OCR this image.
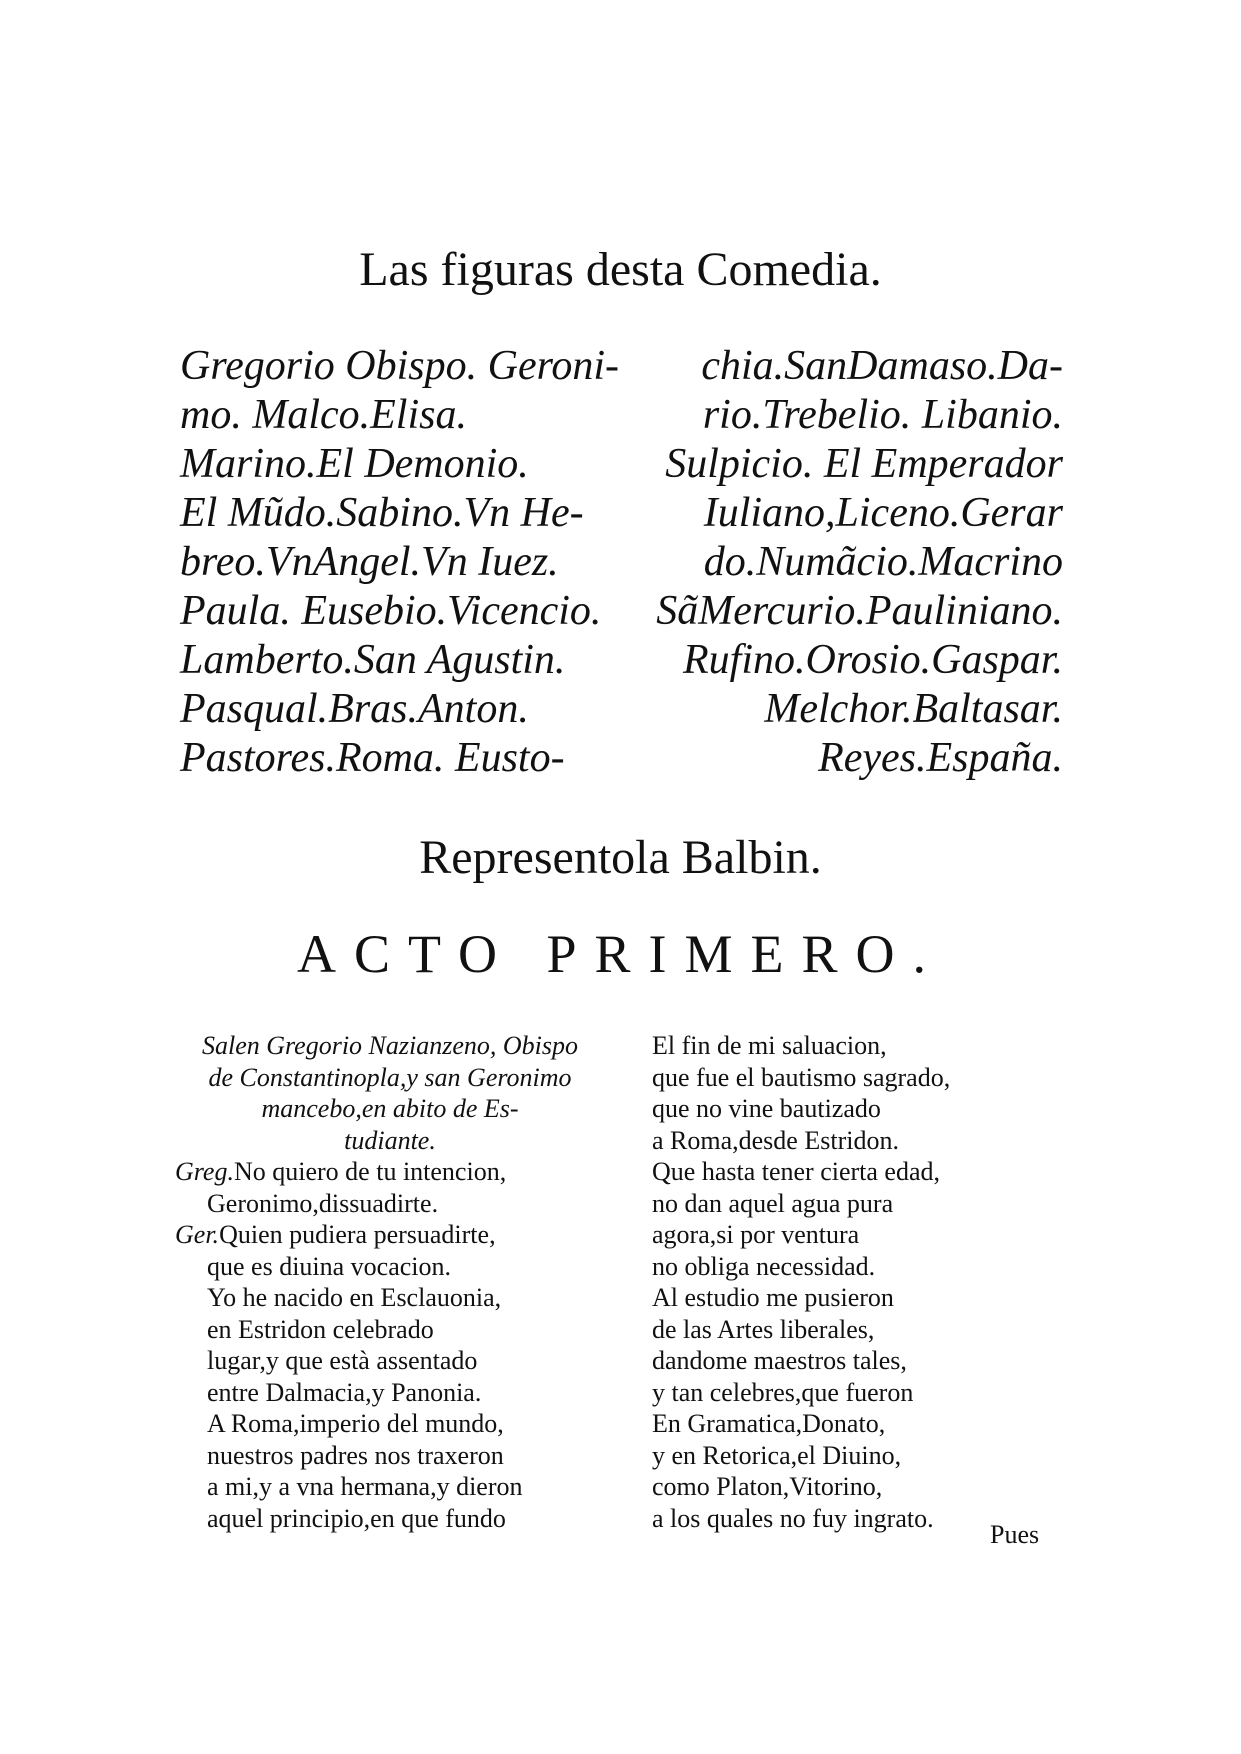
Las figuras desta Comedia.
Gregorio Obispo. Geroni-
mo. Malco.Elisa.
Marino.El Demonio.
El Mũdo.Sabino.Vn He-
breo.VnAngel.Vn Iuez.
Paula. Eusebio.Vicencio.
Lamberto.San Agustin.
Pasqual.Bras.Anton.
Pastores.Roma. Eusto-
chia.SanDamaso.Da-
rio.Trebelio. Libanio.
Sulpicio. El Emperador
Iuliano,Liceno.Gerar
do.Numãcio.Macrino
SãMercurio.Pauliniano.
Rufino.Orosio.Gaspar.
Melchor.Baltasar.
Reyes.España.
Representola Balbin.
ACTO PRIMERO.
Salen Gregorio Nazianzeno, Obispo
de Constantinopla,y san Geronimo
mancebo,en abito de Es-
tudiante.
Greg.No quiero de tu intencion,
Geronimo,dissuadirte.
Ger.Quien pudiera persuadirte,
que es diuina vocacion.
Yo he nacido en Esclauonia,
en Estridon celebrado
lugar,y que està assentado
entre Dalmacia,y Panonia.
A Roma,imperio del mundo,
nuestros padres nos traxeron
a mi,y a vna hermana,y dieron
aquel principio,en que fundo
El fin de mi saluacion,
que fue el bautismo sagrado,
que no vine bautizado
a Roma,desde Estridon.
Que hasta tener cierta edad,
no dan aquel agua pura
agora,si por ventura
no obliga necessidad.
Al estudio me pusieron
de las Artes liberales,
dandome maestros tales,
y tan celebres,que fueron
En Gramatica,Donato,
y en Retorica,el Diuino,
como Platon,Vitorino,
a los quales no fuy ingrato.
Pues
